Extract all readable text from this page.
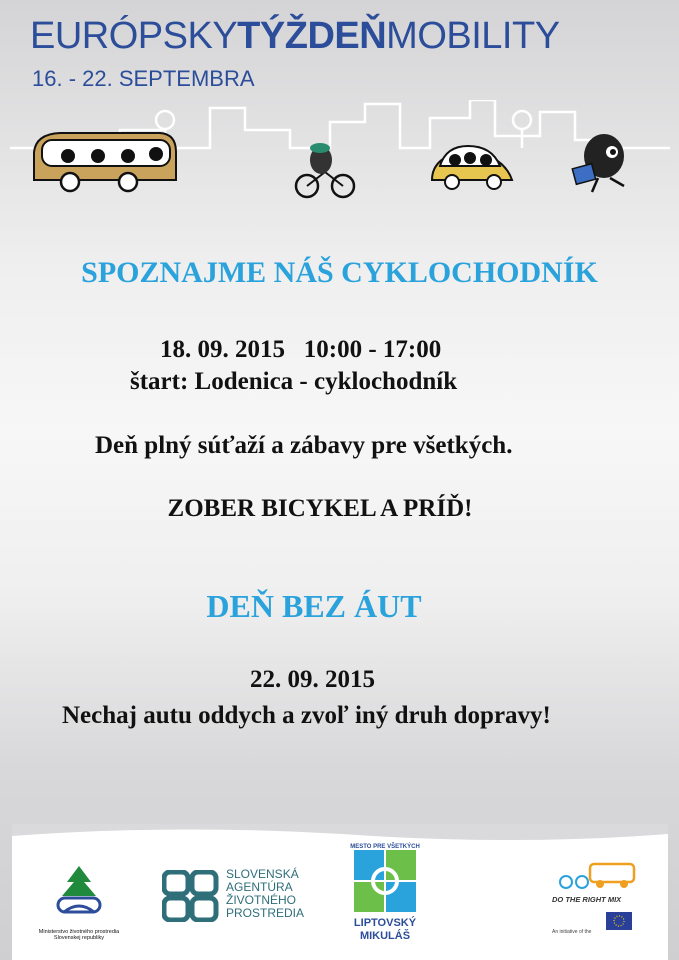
EURÓPSKYTÝŽDEŇMOBILITY
16. - 22. SEPTEMBRA
SPOZNAJME NÁŠ CYKLOCHODNÍK
18. 09. 2015   10:00 - 17:00
štart: Lodenica - cyklochodník
Deň plný súťaží a zábavy pre všetkých.
ZOBER BICYKEL A PRÍĎ!
DEŇ BEZ ÁUT
22. 09. 2015
Nechaj autu oddych a zvoľ iný druh dopravy!
Ministerstvo životného prostredia
Slovenskej republiky
SLOVENSKÁ
AGENTÚRA
ŽIVOTNÉHO
PROSTREDIA
MESTO PRE VŠETKÝCH
LIPTOVSKÝ
MIKULÁŠ
DO THE RIGHT MIX
An initiative of the
